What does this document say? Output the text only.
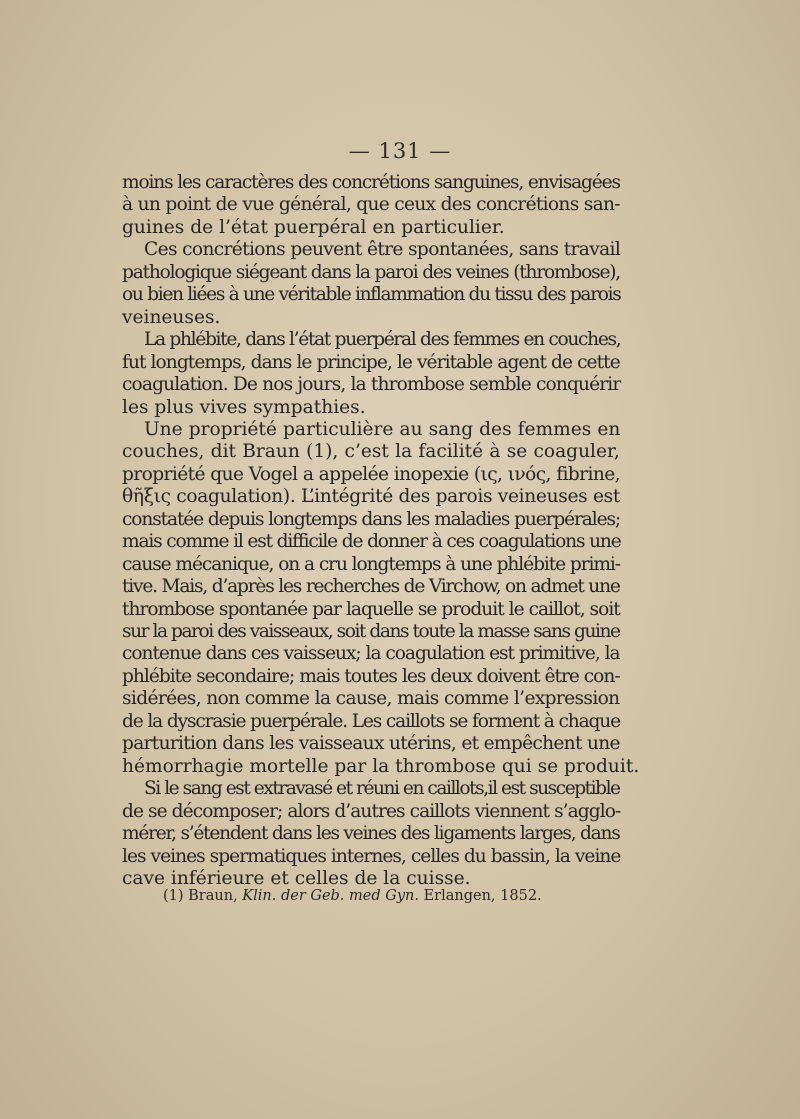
— 131 —
moins les caractères des concrétions sanguines, envisagées
à un point de vue général, que ceux des concrétions san-
guines de l’état puerpéral en particulier.
Ces concrétions peuvent être spontanées, sans travail
pathologique siégeant dans la paroi des veines (thrombose),
ou bien liées à une véritable inflammation du tissu des parois
veineuses.
La phlébite, dans l’état puerpéral des femmes en couches,
fut longtemps, dans le principe, le véritable agent de cette
coagulation. De nos jours, la thrombose semble conquérir
les plus vives sympathies.
Une propriété particulière au sang des femmes en
couches, dit Braun (1), c’est la facilité à se coaguler,
propriété que Vogel a appelée inopexie (ις, ινός, fibrine,
θῆξις coagulation). L’intégrité des parois veineuses est
constatée depuis longtemps dans les maladies puerpérales;
mais comme il est difficile de donner à ces coagulations une
cause mécanique, on a cru longtemps à une phlébite primi-
tive. Mais, d’après les recherches de Virchow, on admet une
thrombose spontanée par laquelle se produit le caillot, soit
sur la paroi des vaisseaux, soit dans toute la masse sans guine
contenue dans ces vaisseux; la coagulation est primitive, la
phlébite secondaire; mais toutes les deux doivent être con-
sidérées, non comme la cause, mais comme l’expression
de la dyscrasie puerpérale. Les caillots se forment à chaque
parturition dans les vaisseaux utérins, et empêchent une
hémorrhagie mortelle par la thrombose qui se produit.
Si le sang est extravasé et réuni en caillots,il est susceptible
de se décomposer; alors d’autres caillots viennent s’agglo-
mérer, s’étendent dans les veines des ligaments larges, dans
les veines spermatiques internes, celles du bassin, la veine
cave inférieure et celles de la cuisse.
(1) Braun, Klin. der Geb. med Gyn. Erlangen, 1852.
